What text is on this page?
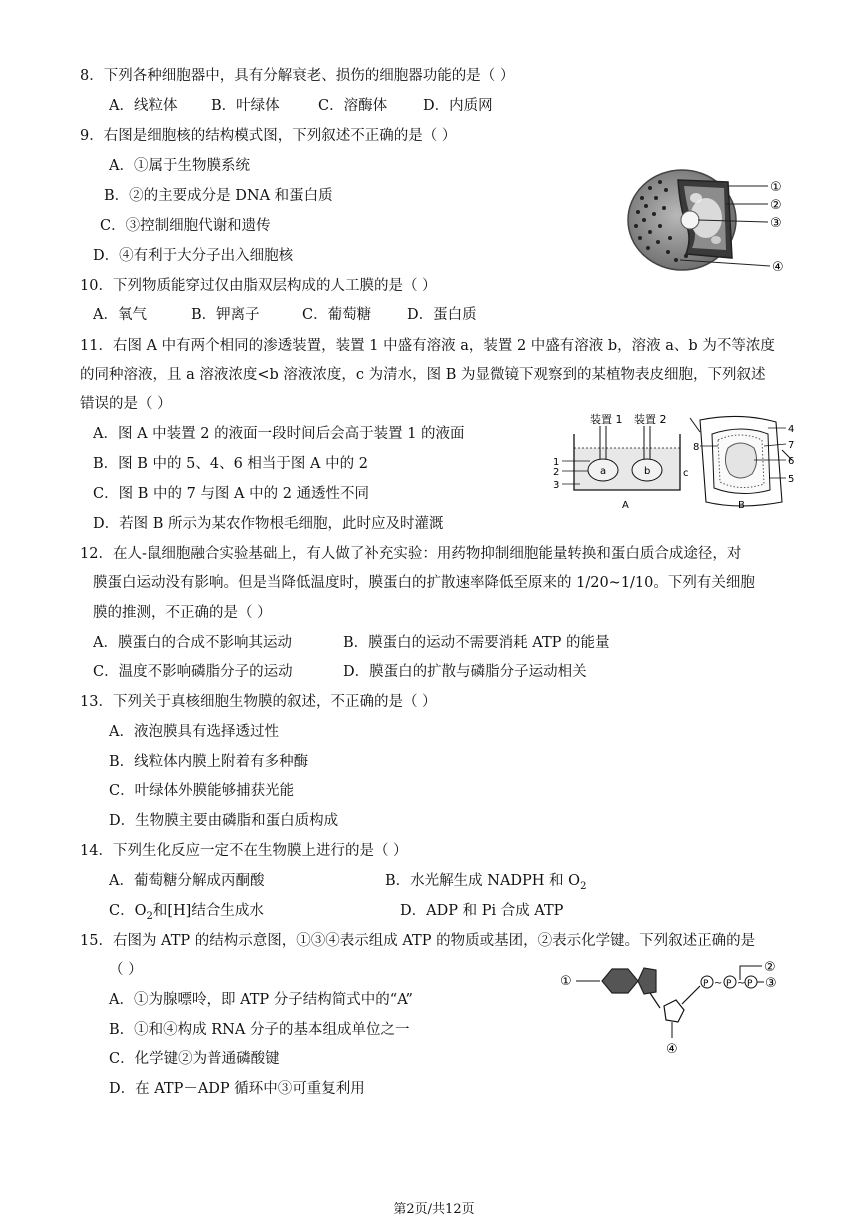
8．下列各种细胞器中，具有分解衰老、损伤的细胞器功能的是（ ）
A．线粒体 B．叶绿体	C．溶酶体 D．内质网
9．右图是细胞核的结构模式图，下列叙述不正确的是（ ）
A．①属于生物膜系统
B．②的主要成分是 DNA 和蛋白质
C．③控制细胞代谢和遗传
D．④有利于大分子出入细胞核
①
②
③
④
10．下列物质能穿过仅由脂双层构成的人工膜的是（ ）
A．氧气	B．钾离子	C．葡萄糖 D．蛋白质
11．右图 A 中有两个相同的渗透装置，装置 1 中盛有溶液 a，装置 2 中盛有溶液 b，溶液 a、b 为不等浓度
的同种溶液，且 a 溶液浓度<b 溶液浓度，c 为清水，图 B 为显微镜下观察到的某植物表皮细胞，下列叙述
错误的是（ ）
A．图 A 中装置 2 的液面一段时间后会高于装置 1 的液面
B．图 B 中的 5、4、6 相当于图 A 中的 2
C．图 B 中的 7 与图 A 中的 2 通透性不同
D．若图 B 所示为某农作物根毛细胞，此时应及时灌溉
装置 1 装置 2
a	b	c
1
2
3
A
4
7
6
5
8
B
12．在人-鼠细胞融合实验基础上，有人做了补充实验：用药物抑制细胞能量转换和蛋白质合成途径，对
膜蛋白运动没有影响。但是当降低温度时，膜蛋白的扩散速率降低至原来的 1/20~1/10。下列有关细胞
膜的推测，不正确的是（ ）
A．膜蛋白的合成不影响其运动	B．膜蛋白的运动不需要消耗 ATP 的能量
C．温度不影响磷脂分子的运动	D．膜蛋白的扩散与磷脂分子运动相关
13．下列关于真核细胞生物膜的叙述，不正确的是（ ）
A．液泡膜具有选择透过性
B．线粒体内膜上附着有多种酶
C．叶绿体外膜能够捕获光能
D．生物膜主要由磷脂和蛋白质构成
14．下列生化反应一定不在生物膜上进行的是（ ）
A．葡萄糖分解成丙酮酸	B．水光解生成 NADPH 和 $O_2$
C．$O_2$和[H]结合生成水	D．ADP 和 Pi 合成 ATP
15．右图为 ATP 的结构示意图，①③④表示组成 ATP 的物质或基团，②表示化学键。下列叙述正确的是
（ ）
A．①为腺嘌呤，即 ATP 分子结构简式中的“A”
B．①和④构成 RNA 分子的基本组成单位之一
C．化学键②为普通磷酸键
D．在 ATP－ADP 循环中③可重复利用
①
④
P ~ P ~ P ③
②
第2页/共12页
